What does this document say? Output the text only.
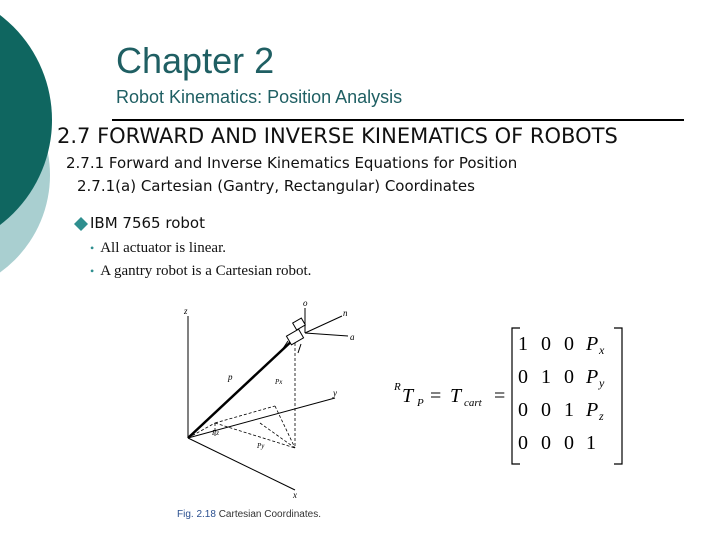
Chapter 2
Robot Kinematics: Position Analysis
2.7 FORWARD AND INVERSE KINEMATICS OF ROBOTS
2.7.1 Forward and Inverse Kinematics Equations for Position
2.7.1(a) Cartesian (Gantry, Rectangular) Coordinates
IBM 7565 robot
• All actuator is linear.
• A gantry robot is a Cartesian robot.
z
y
x
o
n
a
p	Px
Pz
Py
Fig. 2.18 Cartesian Coordinates.
R T P = T cart =
1 0 0 P x
0 1 0 P y
0 0 1 P z
0 0 0 1
